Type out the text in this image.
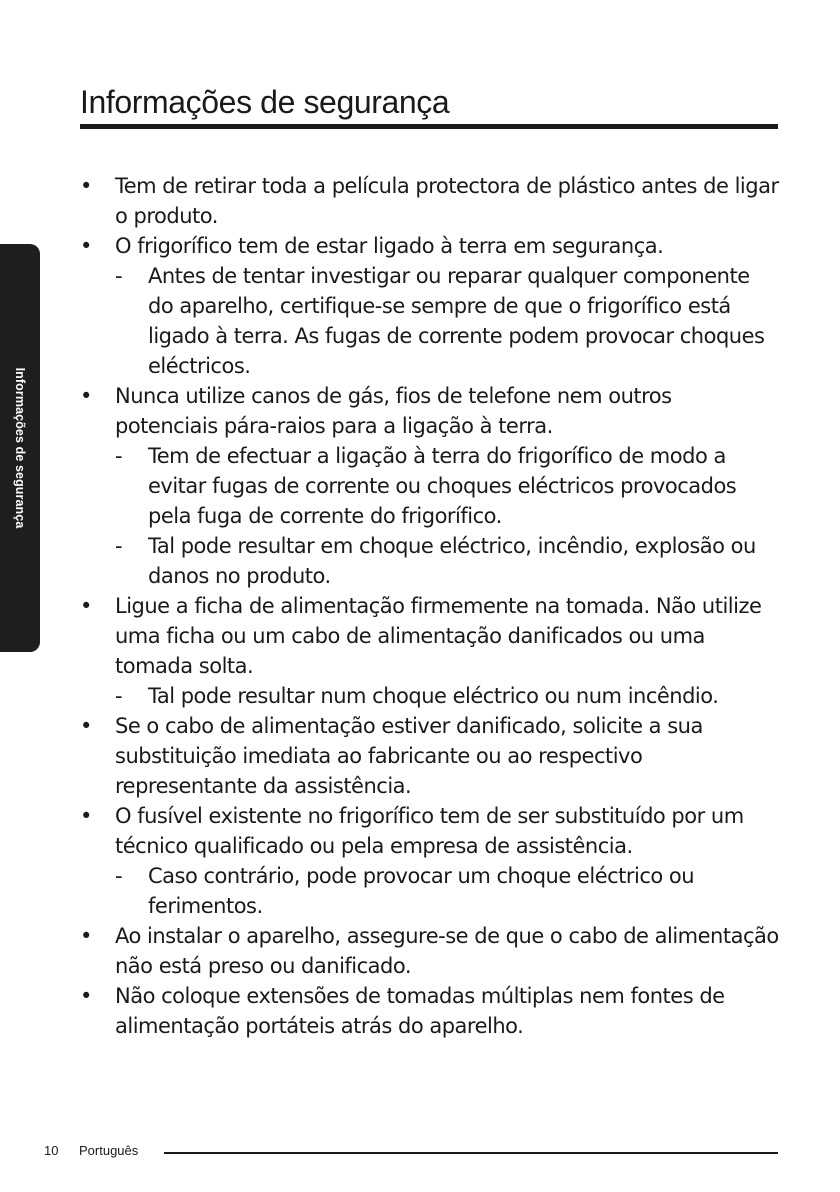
Informações de segurança
Informações de segurança
•	Tem de retirar toda a película protectora de plástico antes de ligar o produto.
•	O frigorífico tem de estar ligado à terra em segurança.
-	Antes de tentar investigar ou reparar qualquer componente do aparelho, certifique-se sempre de que o frigorífico está ligado à terra. As fugas de corrente podem provocar choques eléctricos.
•	Nunca utilize canos de gás, fios de telefone nem outros potenciais pára-raios para a ligação à terra.
-	Tem de efectuar a ligação à terra do frigorífico de modo a evitar fugas de corrente ou choques eléctricos provocados pela fuga de corrente do frigorífico.
-	Tal pode resultar em choque eléctrico, incêndio, explosão ou danos no produto.
•	Ligue a ficha de alimentação firmemente na tomada. Não utilize uma ficha ou um cabo de alimentação danificados ou uma tomada solta.
-	Tal pode resultar num choque eléctrico ou num incêndio.
•	Se o cabo de alimentação estiver danificado, solicite a sua substituição imediata ao fabricante ou ao respectivo representante da assistência.
•	O fusível existente no frigorífico tem de ser substituído por um técnico qualificado ou pela empresa de assistência.
-	Caso contrário, pode provocar um choque eléctrico ou ferimentos.
•	Ao instalar o aparelho, assegure-se de que o cabo de alimentação não está preso ou danificado.
•	Não coloque extensões de tomadas múltiplas nem fontes de alimentação portáteis atrás do aparelho.
10 Português
